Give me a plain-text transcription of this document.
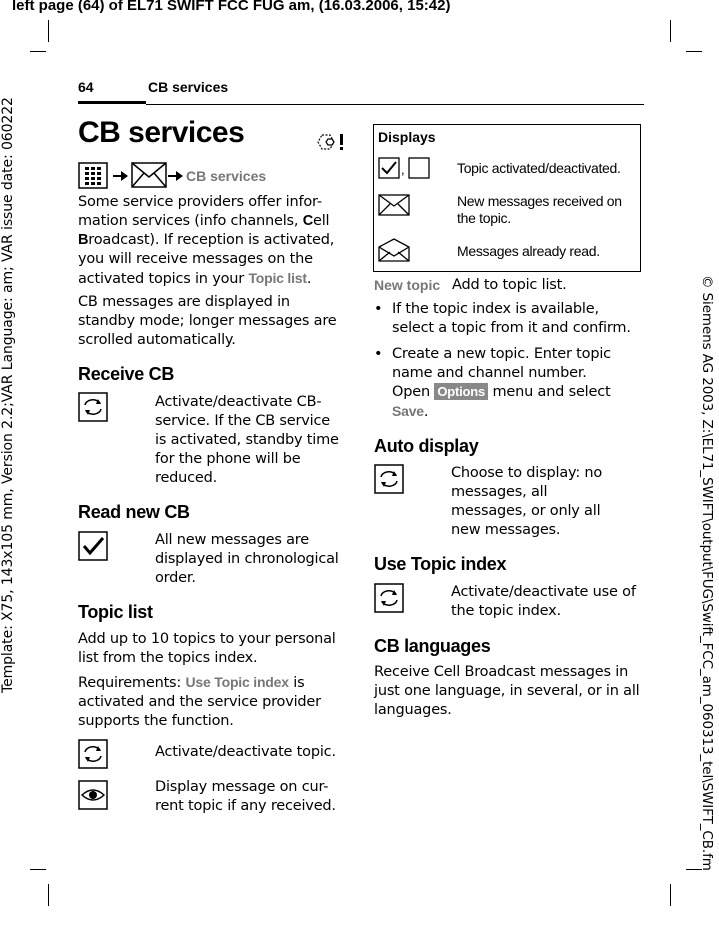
left page (64) of EL71 SWIFT FCC FUG am, (16.03.2006, 15:42)
Template: X75, 143x105 mm, Version 2.2;VAR Language: am; VAR issue date: 060222	© Siemens AG 2003, Z:\EL71_SWIFT\output\FUG\Swift_FCC_am_060313_tel\SWIFT_CB.fm
64	CB services
CB services
CB services
Some service providers offer infor-mation services (info channels, Cell Broadcast). If reception is activated, you will receive messages on the activated topics in your Topic list.
CB messages are displayed in standby mode; longer messages are scrolled automatically.
Receive CB
Activate/deactivate CB-service. If the CB service is activated, standby time for the phone will be reduced.
Read new CB
All new messages are displayed in chronological order.
Topic list
Add up to 10 topics to your personal list from the topics index.
Requirements: Use Topic index is activated and the service provider supports the function.
Activate/deactivate topic.
Display message on cur-rent topic if any received.
Displays
,	Topic activated/deactivated.
New messages received on the topic.
Messages already read.
New topic Add to topic list.
• If the topic index is available, select a topic from it and confirm.
• Create a new topic. Enter topic name and channel number. Open Options menu and select Save.
Auto display
Choose to display: no messages, all messages, or only all new messages.
Use Topic index
Activate/deactivate use of the topic index.
CB languages
Receive Cell Broadcast messages in just one language, in several, or in all languages.
